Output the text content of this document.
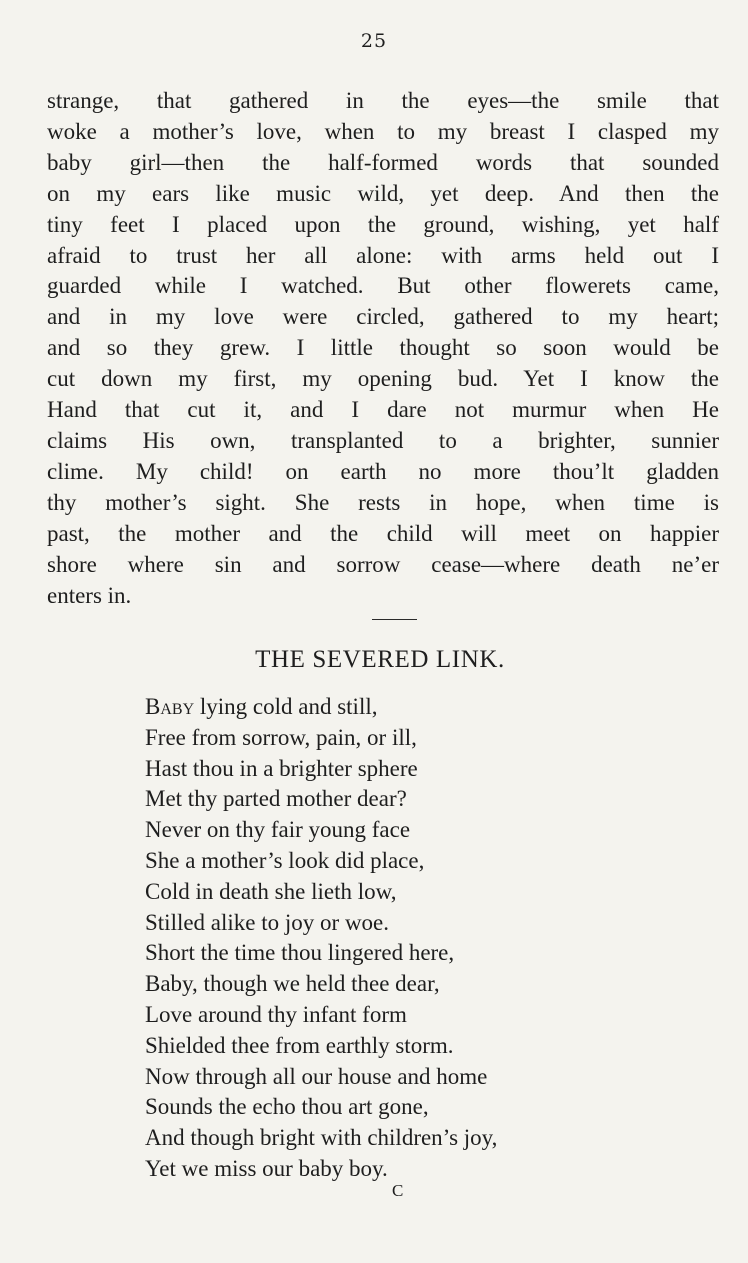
25
strange, that gathered in the eyes—the smile that
woke a mother’s love, when to my breast I clasped my
baby girl—then the half-formed words that sounded
on my ears like music wild, yet deep. And then the
tiny feet I placed upon the ground, wishing, yet half
afraid to trust her all alone: with arms held out I
guarded while I watched. But other flowerets came,
and in my love were circled, gathered to my heart;
and so they grew. I little thought so soon would be
cut down my first, my opening bud. Yet I know the
Hand that cut it, and I dare not murmur when He
claims His own, transplanted to a brighter, sunnier
clime. My child! on earth no more thou’lt gladden
thy mother’s sight. She rests in hope, when time is
past, the mother and the child will meet on happier
shore where sin and sorrow cease—where death ne’er
enters in.
THE SEVERED LINK.
Baby lying cold and still,
Free from sorrow, pain, or ill,
Hast thou in a brighter sphere
Met thy parted mother dear?
Never on thy fair young face
She a mother’s look did place,
Cold in death she lieth low,
Stilled alike to joy or woe.
Short the time thou lingered here,
Baby, though we held thee dear,
Love around thy infant form
Shielded thee from earthly storm.
Now through all our house and home
Sounds the echo thou art gone,
And though bright with children’s joy,
Yet we miss our baby boy.
C
